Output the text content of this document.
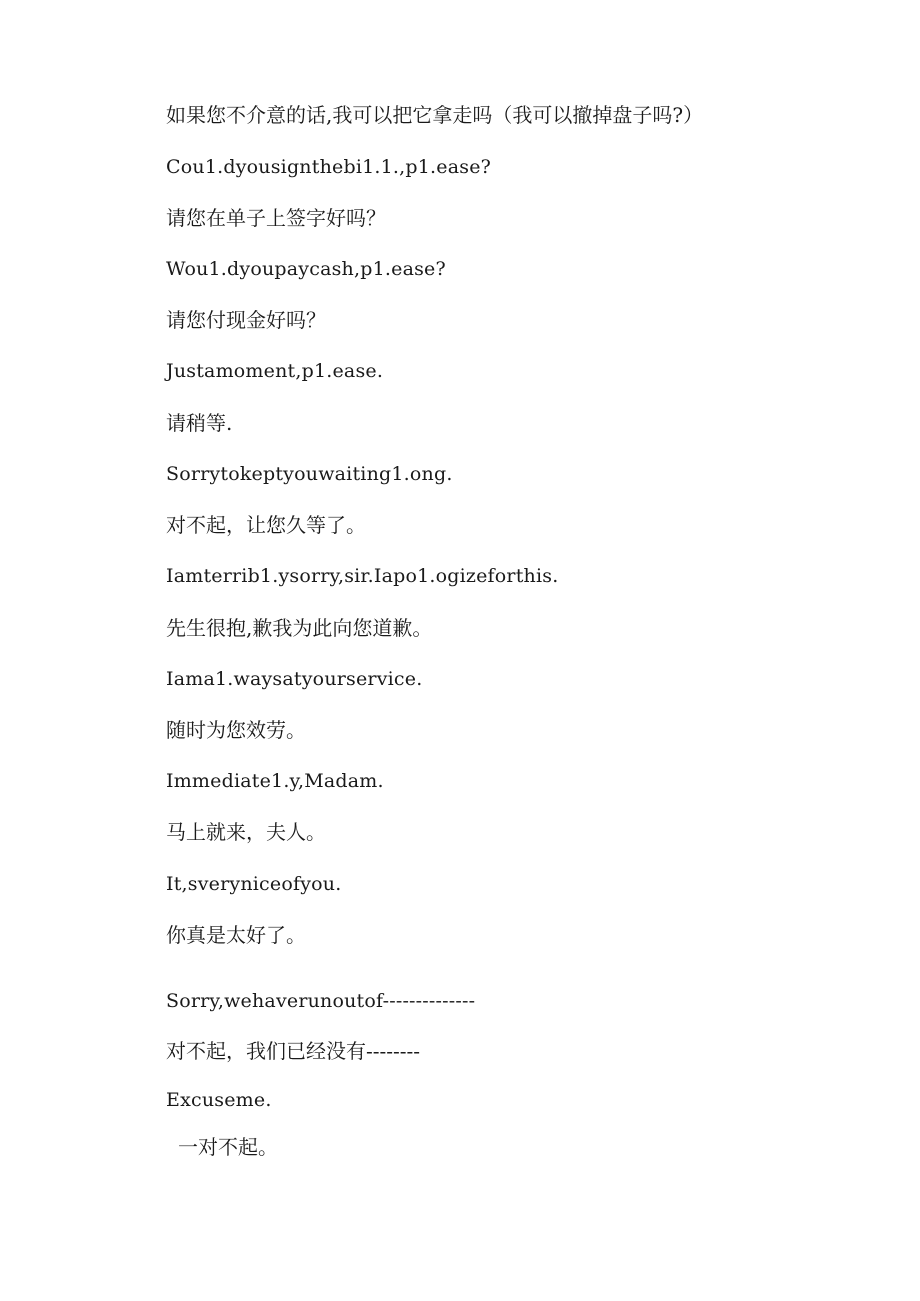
如果您不介意的话,我可以把它拿走吗（我可以撤掉盘子吗?）

Cou1.dyousignthebi1.1.,p1.ease?

请您在单子上签字好吗？

Wou1.dyoupaycash,p1.ease?

请您付现金好吗？

Justamoment,p1.ease.

请稍等.

Sorrytokeptyouwaiting1.ong.

对不起，让您久等了。

Iamterrib1.ysorry,sir.Iapo1.ogizeforthis.

先生很抱,歉我为此向您道歉。

Iama1.waysatyourservice.

随时为您效劳。

Immediate1.y,Madam.

马上就来，夫人。

It,sveryniceofyou.

你真是太好了。

Sorry,wehaverunoutof--------------

对不起，我们已经没有--------

Excuseme.

一对不起。
